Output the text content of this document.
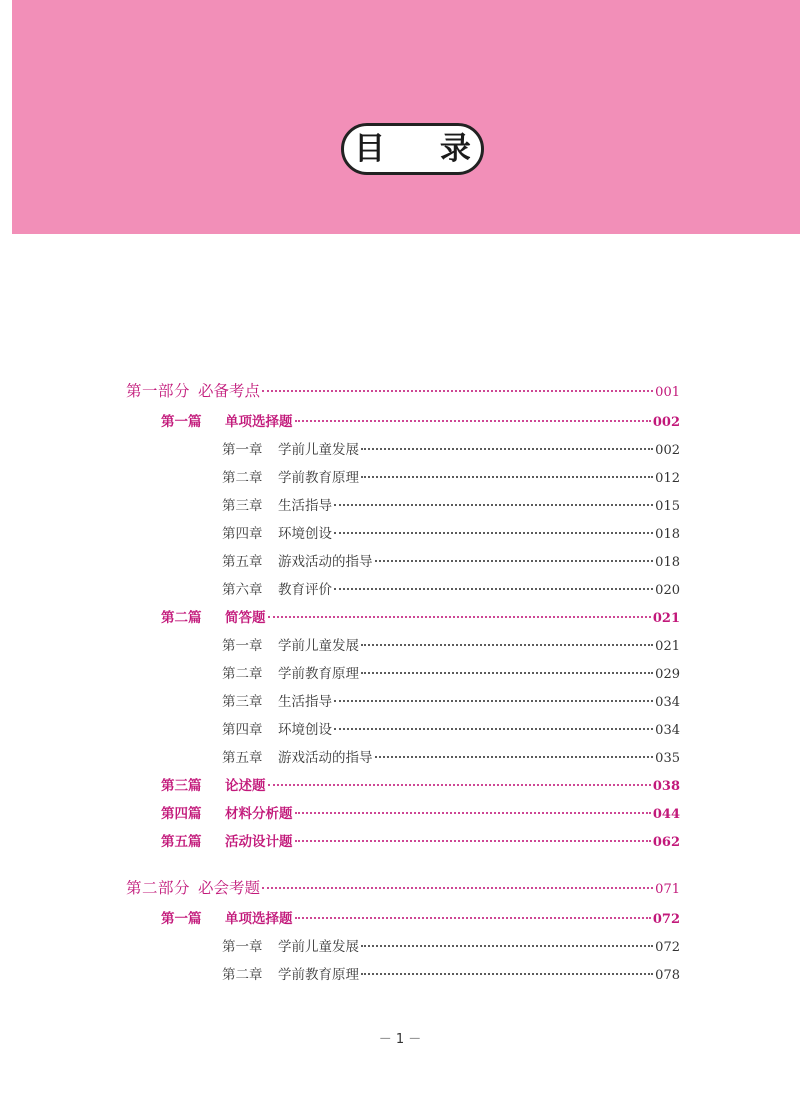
目 录
第一部分 必备考点	001
第一篇	单项选择题	002
第一章	学前儿童发展	002
第二章	学前教育原理	012
第三章	生活指导	015
第四章	环境创设	018
第五章	游戏活动的指导	018
第六章	教育评价	020
第二篇	简答题	021
第一章	学前儿童发展	021
第二章	学前教育原理	029
第三章	生活指导	034
第四章	环境创设	034
第五章	游戏活动的指导	035
第三篇	论述题	038
第四篇	材料分析题	044
第五篇	活动设计题	062
第二部分 必会考题	071
第一篇	单项选择题	072
第一章	学前儿童发展	072
第二章	学前教育原理	078
－ 1 －
